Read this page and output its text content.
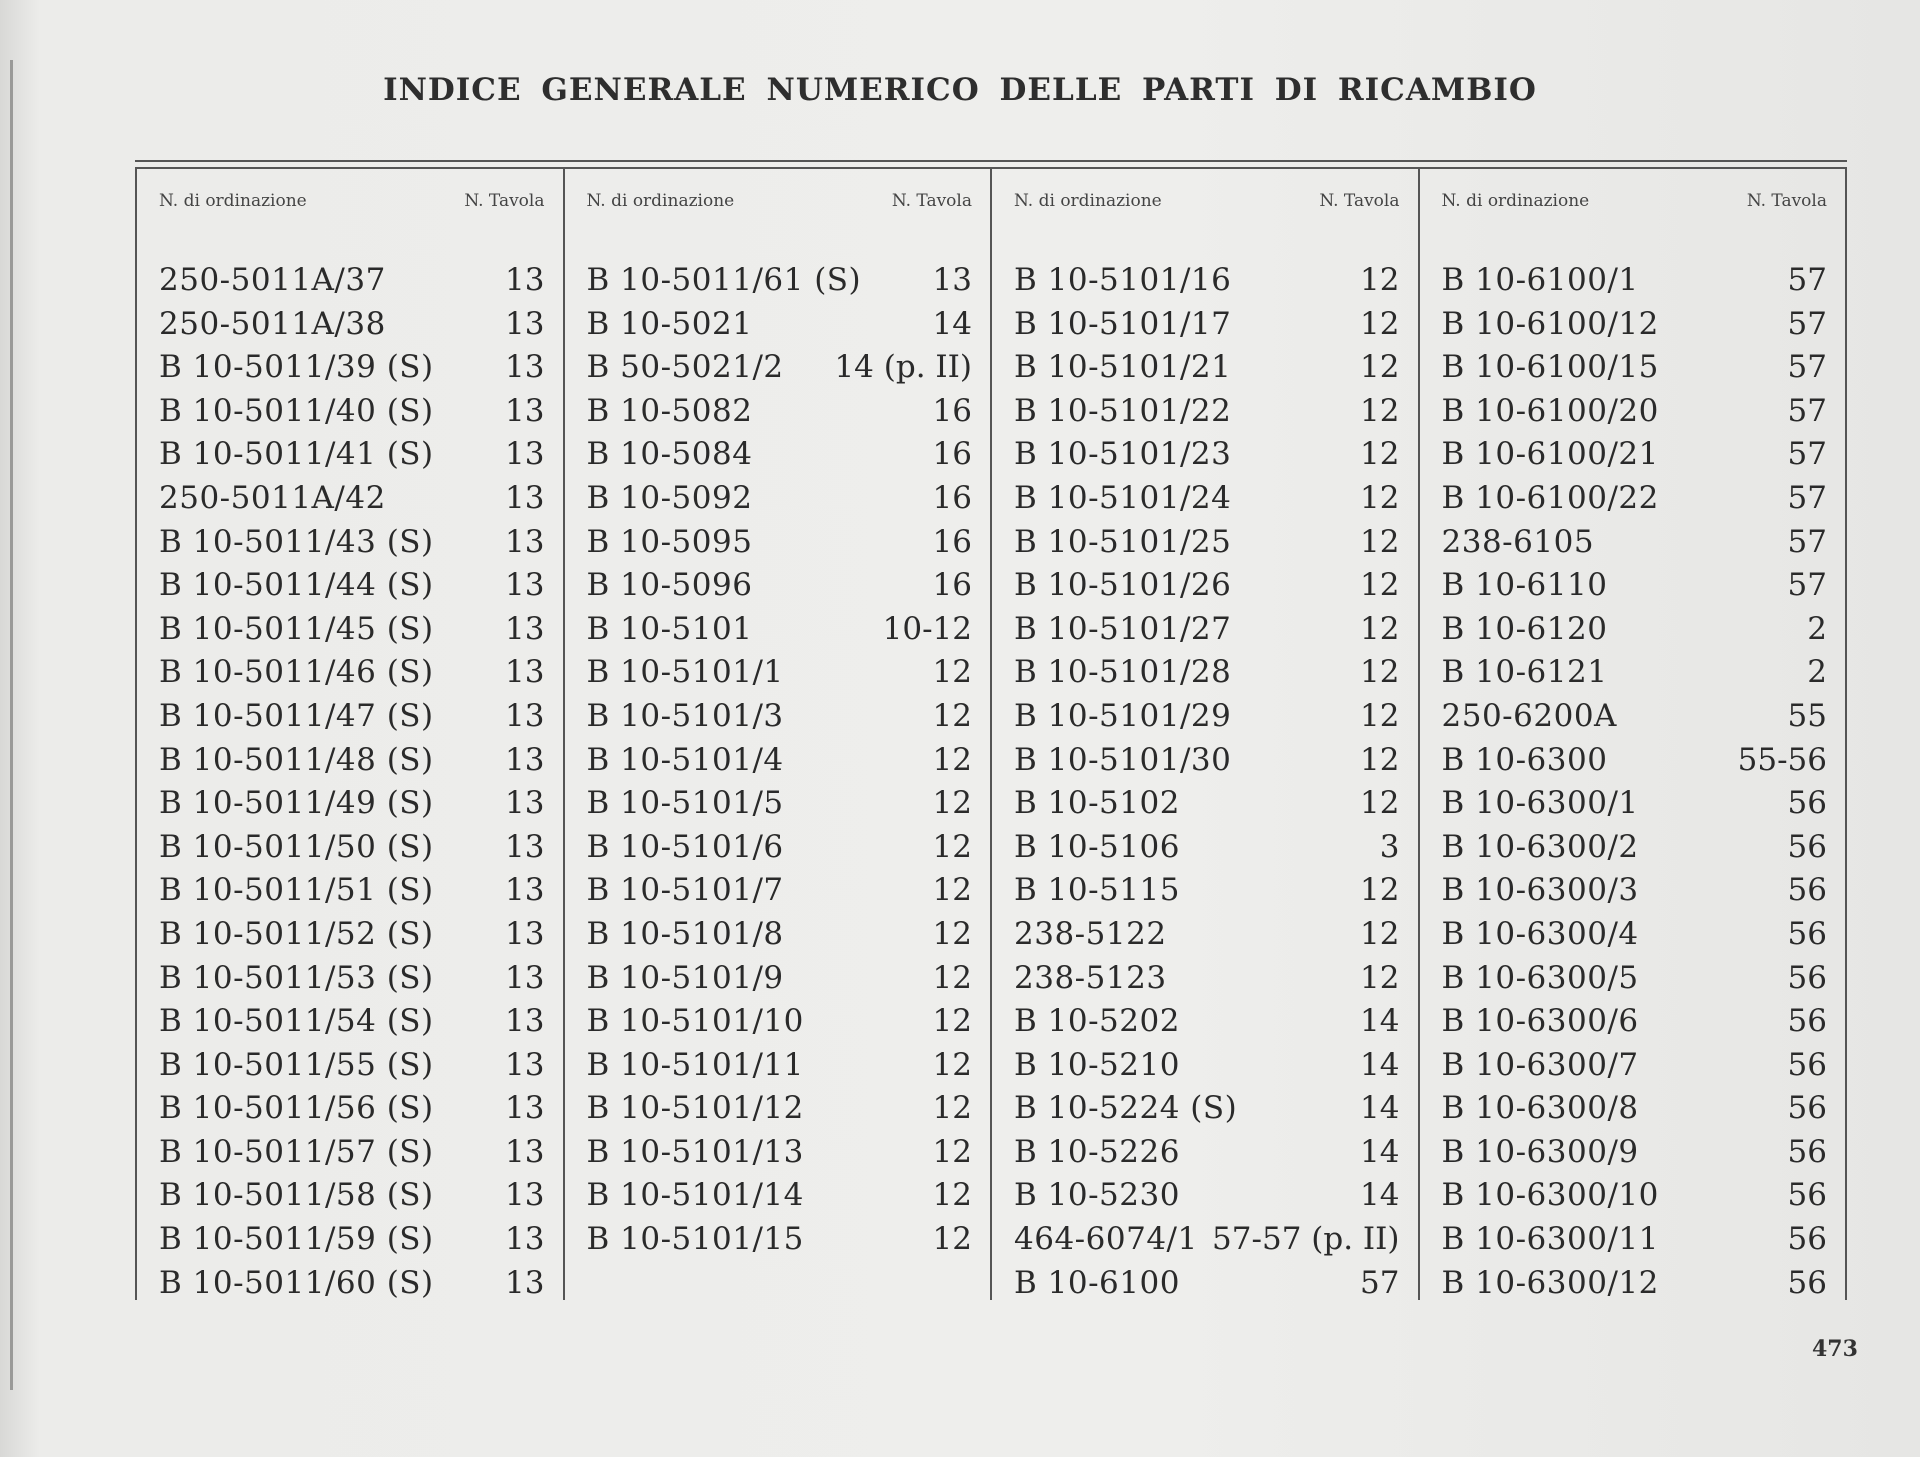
INDICE GENERALE NUMERICO DELLE PARTI DI RICAMBIO
N. di ordinazione	N. Tavola
250-5011A/37	13
250-5011A/38	13
B 10-5011/39 (S) 13
B 10-5011/40 (S) 13
B 10-5011/41 (S) 13
250-5011A/42	13
B 10-5011/43 (S) 13
B 10-5011/44 (S) 13
B 10-5011/45 (S) 13
B 10-5011/46 (S) 13
B 10-5011/47 (S) 13
B 10-5011/48 (S) 13
B 10-5011/49 (S) 13
B 10-5011/50 (S) 13
B 10-5011/51 (S) 13
B 10-5011/52 (S) 13
B 10-5011/53 (S) 13
B 10-5011/54 (S) 13
B 10-5011/55 (S) 13
B 10-5011/56 (S) 13
B 10-5011/57 (S) 13
B 10-5011/58 (S) 13
B 10-5011/59 (S) 13
B 10-5011/60 (S) 13
N. di ordinazione	N. Tavola
B 10-5011/61 (S) 13
B 10-5021	14
B 50-5021/2 14 (p. II)
B 10-5082	16
B 10-5084	16
B 10-5092	16
B 10-5095	16
B 10-5096	16
B 10-5101	10-12
B 10-5101/1	12
B 10-5101/3	12
B 10-5101/4	12
B 10-5101/5	12
B 10-5101/6	12
B 10-5101/7	12
B 10-5101/8	12
B 10-5101/9	12
B 10-5101/10	12
B 10-5101/11	12
B 10-5101/12	12
B 10-5101/13	12
B 10-5101/14	12
B 10-5101/15	12
N. di ordinazione	N. Tavola
B 10-5101/16	12
B 10-5101/17	12
B 10-5101/21	12
B 10-5101/22	12
B 10-5101/23	12
B 10-5101/24	12
B 10-5101/25	12
B 10-5101/26	12
B 10-5101/27	12
B 10-5101/28	12
B 10-5101/29	12
B 10-5101/30	12
B 10-5102	12
B 10-5106	3
B 10-5115	12
238-5122	12
238-5123	12
B 10-5202	14
B 10-5210	14
B 10-5224 (S)	14
B 10-5226	14
B 10-5230	14
464-6074/1 57-57 (p. II)
B 10-6100	57
N. di ordinazione	N. Tavola
B 10-6100/1	57
B 10-6100/12	57
B 10-6100/15	57
B 10-6100/20	57
B 10-6100/21	57
B 10-6100/22	57
238-6105	57
B 10-6110	57
B 10-6120	2
B 10-6121	2
250-6200A	55
B 10-6300	55-56
B 10-6300/1	56
B 10-6300/2	56
B 10-6300/3	56
B 10-6300/4	56
B 10-6300/5	56
B 10-6300/6	56
B 10-6300/7	56
B 10-6300/8	56
B 10-6300/9	56
B 10-6300/10	56
B 10-6300/11	56
B 10-6300/12	56
473
